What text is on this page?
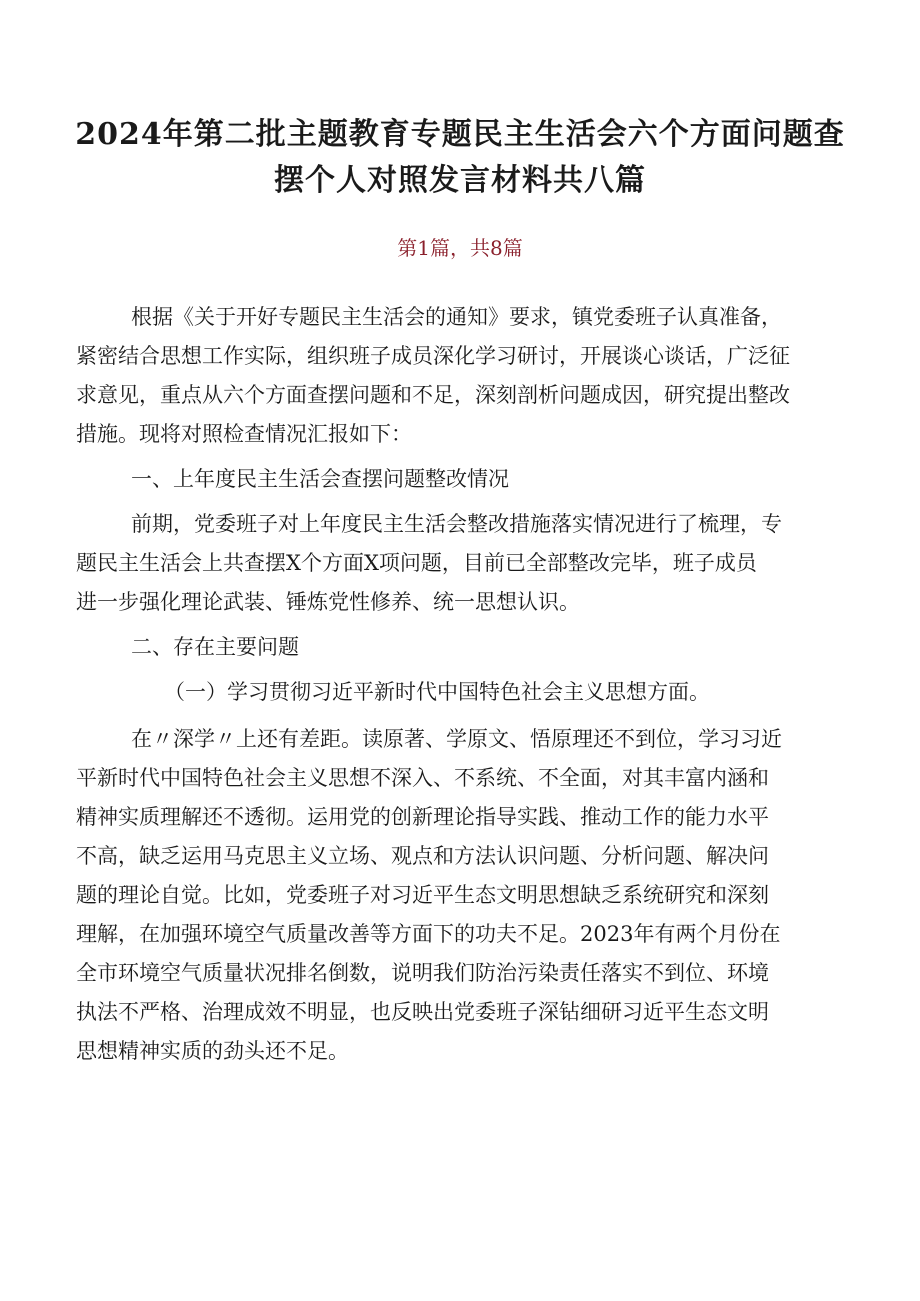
2024年第二批主题教育专题民主生活会六个方面问题查
摆个人对照发言材料共八篇
第1篇，共8篇

根据《关于开好专题民主生活会的通知》要求，镇党委班子认真准备，

紧密结合思想工作实际，组织班子成员深化学习研讨，开展谈心谈话，广泛征

求意见，重点从六个方面查摆问题和不足，深刻剖析问题成因，研究提出整改

措施。现将对照检查情况汇报如下：

一、上年度民主生活会查摆问题整改情况

前期，党委班子对上年度民主生活会整改措施落实情况进行了梳理，专

题民主生活会上共查摆X个方面X项问题，目前已全部整改完毕，班子成员

进一步强化理论武装、锤炼党性修养、统一思想认识。

二、存在主要问题

（一）学习贯彻习近平新时代中国特色社会主义思想方面。

在〃深学〃上还有差距。读原著、学原文、悟原理还不到位，学习习近

平新时代中国特色社会主义思想不深入、不系统、不全面，对其丰富内涵和

精神实质理解还不透彻。运用党的创新理论指导实践、推动工作的能力水平

不高，缺乏运用马克思主义立场、观点和方法认识问题、分析问题、解决问

题的理论自觉。比如，党委班子对习近平生态文明思想缺乏系统研究和深刻

理解，在加强环境空气质量改善等方面下的功夫不足。2023年有两个月份在

全市环境空气质量状况排名倒数，说明我们防治污染责任落实不到位、环境

执法不严格、治理成效不明显，也反映出党委班子深钻细研习近平生态文明

思想精神实质的劲头还不足。
